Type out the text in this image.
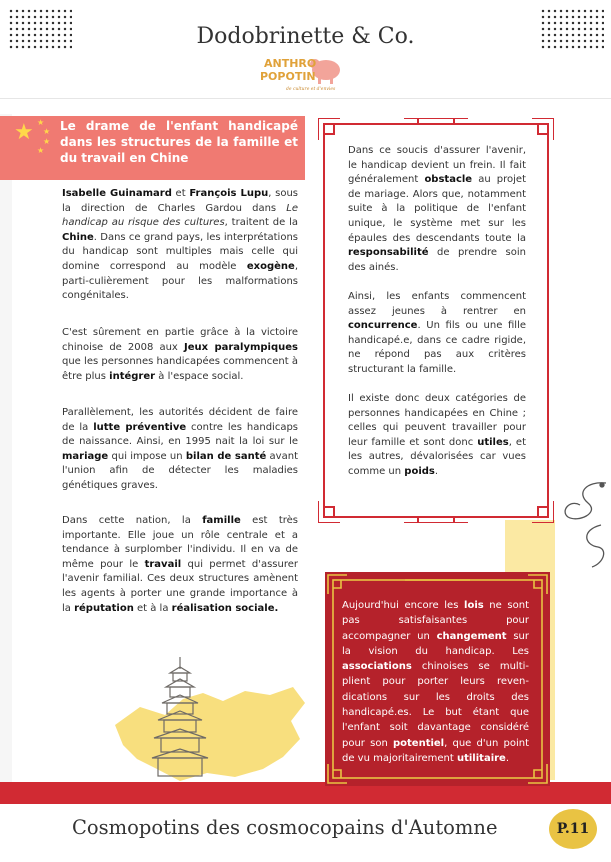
Dodobrinette & Co.
ANTHRO
POPOTIN
de culture et d'envies
★ ★
★
★
★
Le drame de l'enfant handicapé dans les structures de la famille et du travail en Chine
Isabelle Guinamard et François Lupu, sous la direction de Charles Gardou dans Le handicap au risque des cultures, traitent de la Chine. Dans ce grand pays, les interprétations du handicap sont multiples mais celle qui domine correspond au modèle exogène, parti-culièrement pour les malformations congénitales.
C'est sûrement en partie grâce à la victoire chinoise de 2008 aux Jeux paralympiques que les personnes handicapées commencent à être plus intégrer à l'espace social.
Parallèlement, les autorités décident de faire de la lutte préventive contre les handicaps de naissance. Ainsi, en 1995 nait la loi sur le mariage qui impose un bilan de santé avant l'union afin de détecter les maladies génétiques graves.
Dans cette nation, la famille est très importante. Elle joue un rôle centrale et a tendance à surplomber l'individu. Il en va de même pour le travail qui permet d'assurer l'avenir familial. Ces deux structures amènent les agents à porter une grande importance à la réputation et à la réalisation sociale.

Dans ce soucis d'assurer l'avenir, le handicap devient un frein. Il fait généralement obstacle au projet de mariage. Alors que, notamment suite à la politique de l'enfant unique, le système met sur les épaules des descendants toute la responsabilité de prendre soin des ainés.

Ainsi, les enfants commencent assez jeunes à rentrer en concurrence. Un fils ou une fille handicapé.e, dans ce cadre rigide, ne répond pas aux critères structurant la famille.

Il existe donc deux catégories de personnes handicapées en Chine ; celles qui peuvent travailler pour leur famille et sont donc utiles, et les autres, dévalorisées car vues comme un poids.

Aujourd'hui encore les lois ne sont pas satisfaisantes pour accompagner un changement sur la vision du handicap. Les associations chinoises se multi-plient pour porter leurs reven-dications sur les droits des handicapé.es. Le but étant que l'enfant soit davantage considéré pour son potentiel, que d'un point de vu majoritairement utilitaire.
Cosmopotins des cosmocopains d'Automne	P.11
